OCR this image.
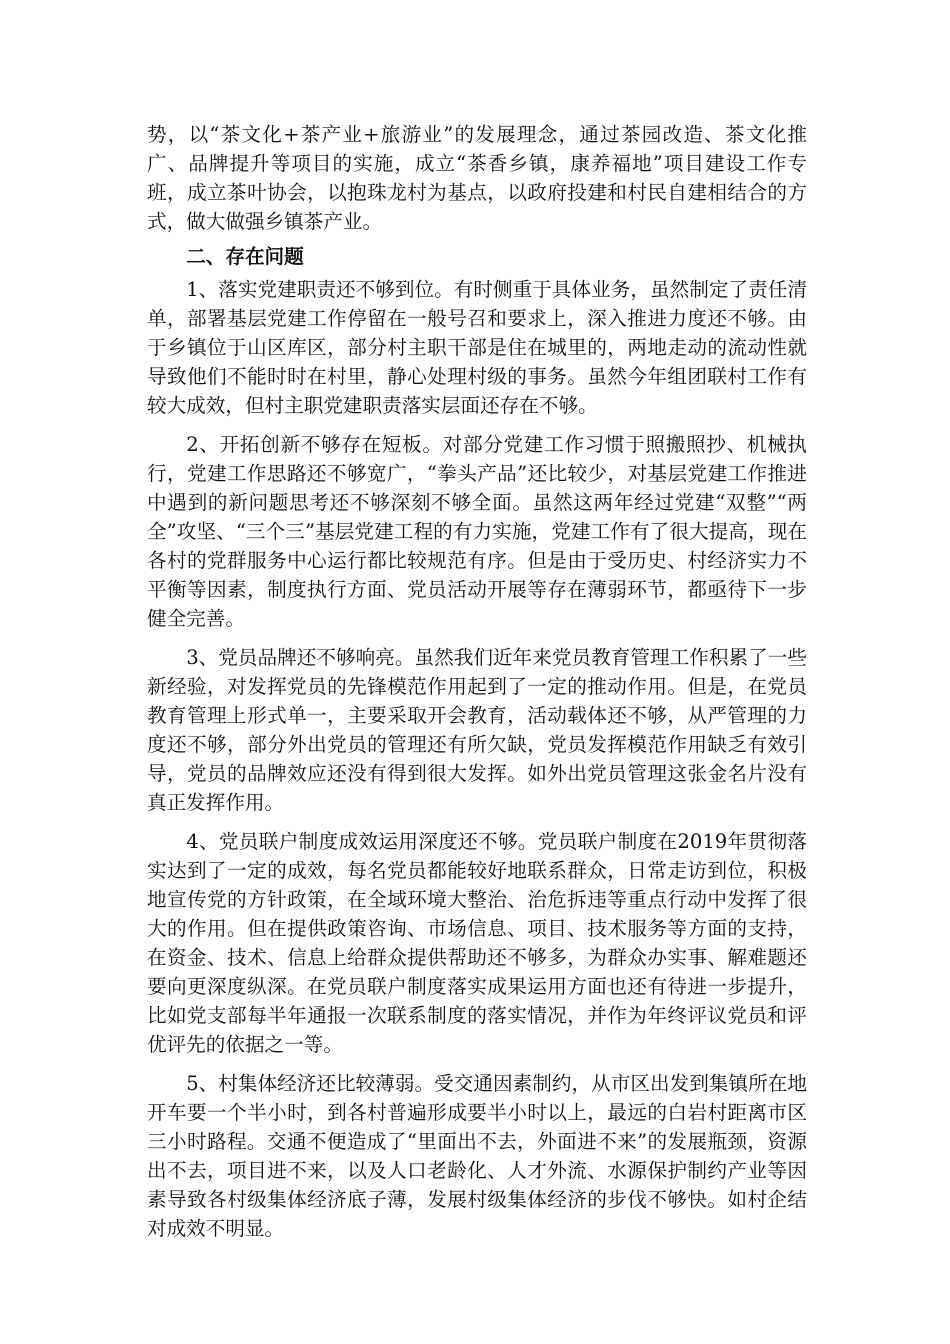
势，以“茶文化+茶产业+旅游业”的发展理念，通过茶园改造、茶文化推广、品牌提升等项目的实施，成立“茶香乡镇，康养福地”项目建设工作专班，成立茶叶协会，以抱珠龙村为基点，以政府投建和村民自建相结合的方式，做大做强乡镇茶产业。

二、存在问题

1、落实党建职责还不够到位。有时侧重于具体业务，虽然制定了责任清单，部署基层党建工作停留在一般号召和要求上，深入推进力度还不够。由于乡镇位于山区库区，部分村主职干部是住在城里的，两地走动的流动性就导致他们不能时时在村里，静心处理村级的事务。虽然今年组团联村工作有较大成效，但村主职党建职责落实层面还存在不够。

2、开拓创新不够存在短板。对部分党建工作习惯于照搬照抄、机械执行，党建工作思路还不够宽广，“拳头产品”还比较少，对基层党建工作推进中遇到的新问题思考还不够深刻不够全面。虽然这两年经过党建“双整”“两全”攻坚、“三个三”基层党建工程的有力实施，党建工作有了很大提高，现在各村的党群服务中心运行都比较规范有序。但是由于受历史、村经济实力不平衡等因素，制度执行方面、党员活动开展等存在薄弱环节，都亟待下一步健全完善。

3、党员品牌还不够响亮。虽然我们近年来党员教育管理工作积累了一些新经验，对发挥党员的先锋模范作用起到了一定的推动作用。但是，在党员教育管理上形式单一，主要采取开会教育，活动载体还不够，从严管理的力度还不够，部分外出党员的管理还有所欠缺，党员发挥模范作用缺乏有效引导，党员的品牌效应还没有得到很大发挥。如外出党员管理这张金名片没有真正发挥作用。

4、党员联户制度成效运用深度还不够。党员联户制度在2019年贯彻落实达到了一定的成效，每名党员都能较好地联系群众，日常走访到位，积极地宣传党的方针政策，在全域环境大整治、治危拆违等重点行动中发挥了很大的作用。但在提供政策咨询、市场信息、项目、技术服务等方面的支持，在资金、技术、信息上给群众提供帮助还不够多，为群众办实事、解难题还要向更深度纵深。在党员联户制度落实成果运用方面也还有待进一步提升，比如党支部每半年通报一次联系制度的落实情况，并作为年终评议党员和评优评先的依据之一等。

5、村集体经济还比较薄弱。受交通因素制约，从市区出发到集镇所在地开车要一个半小时，到各村普遍形成要半小时以上，最远的白岩村距离市区三小时路程。交通不便造成了“里面出不去，外面进不来”的发展瓶颈，资源出不去，项目进不来，以及人口老龄化、人才外流、水源保护制约产业等因素导致各村级集体经济底子薄，发展村级集体经济的步伐不够快。如村企结对成效不明显。
